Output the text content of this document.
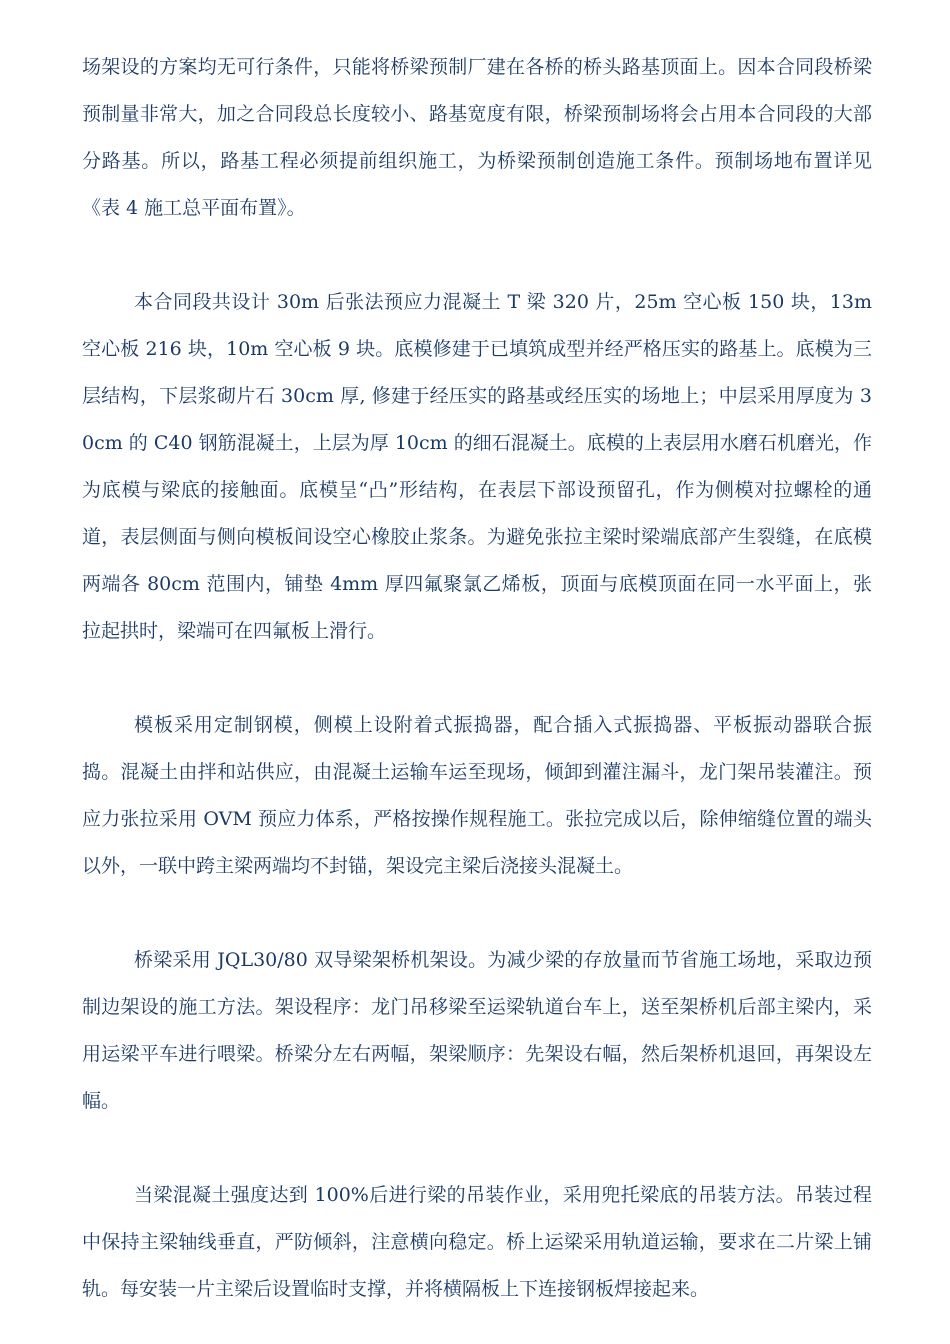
场架设的方案均无可行条件，只能将桥梁预制厂建在各桥的桥头路基顶面上。因本合同段桥梁预制量非常大，加之合同段总长度较小、路基宽度有限，桥梁预制场将会占用本合同段的大部分路基。所以，路基工程必须提前组织施工，为桥梁预制创造施工条件。预制场地布置详见《表 4 施工总平面布置》。

本合同段共设计 30m 后张法预应力混凝土 T 梁 320 片，25m 空心板 150 块，13m 空心板 216 块，10m 空心板 9 块。底模修建于已填筑成型并经严格压实的路基上。底模为三层结构，下层浆砌片石 30cm 厚, 修建于经压实的路基或经压实的场地上；中层采用厚度为 30cm 的 C40 钢筋混凝土，上层为厚 10cm 的细石混凝土。底模的上表层用水磨石机磨光，作为底模与梁底的接触面。底模呈“凸”形结构，在表层下部设预留孔，作为侧模对拉螺栓的通道，表层侧面与侧向模板间设空心橡胶止浆条。为避免张拉主梁时梁端底部产生裂缝，在底模两端各 80cm 范围内，铺垫 4mm 厚四氟聚氯乙烯板，顶面与底模顶面在同一水平面上，张拉起拱时，梁端可在四氟板上滑行。

模板采用定制钢模，侧模上设附着式振捣器，配合插入式振捣器、平板振动器联合振捣。混凝土由拌和站供应，由混凝土运输车运至现场，倾卸到灌注漏斗，龙门架吊装灌注。预应力张拉采用 OVM 预应力体系，严格按操作规程施工。张拉完成以后，除伸缩缝位置的端头以外，一联中跨主梁两端均不封锚，架设完主梁后浇接头混凝土。

桥梁采用 JQL30/80 双导梁架桥机架设。为减少梁的存放量而节省施工场地，采取边预制边架设的施工方法。架设程序：龙门吊移梁至运梁轨道台车上，送至架桥机后部主梁内，采用运梁平车进行喂梁。桥梁分左右两幅，架梁顺序：先架设右幅，然后架桥机退回，再架设左幅。

当梁混凝土强度达到 100%后进行梁的吊装作业，采用兜托梁底的吊装方法。吊装过程中保持主梁轴线垂直，严防倾斜，注意横向稳定。桥上运梁采用轨道运输，要求在二片梁上铺轨。每安装一片主梁后设置临时支撑，并将横隔板上下连接钢板焊接起来。
